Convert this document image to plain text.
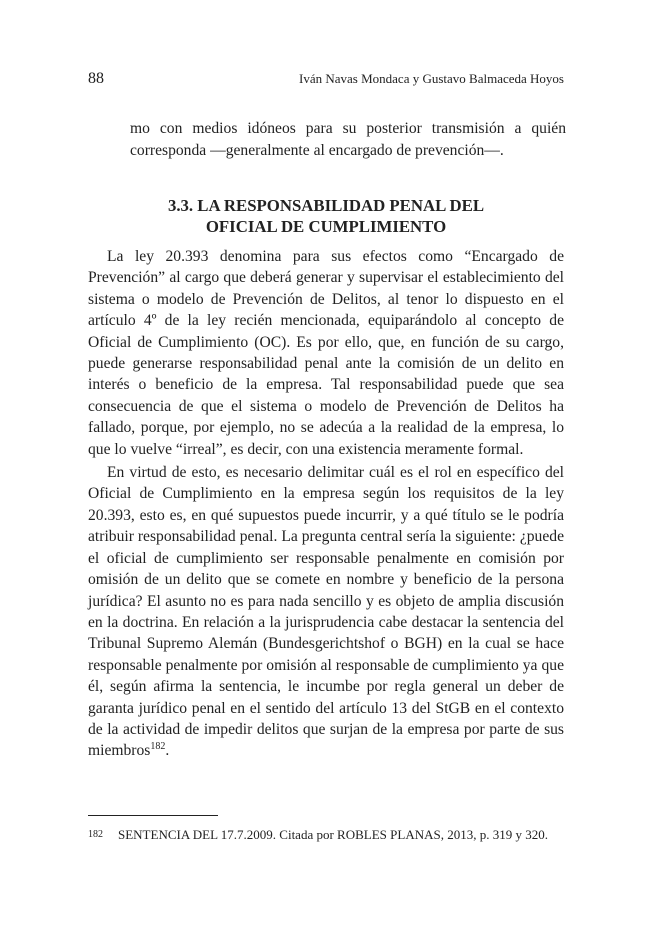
88	Iván Navas Mondaca y Gustavo Balmaceda Hoyos
mo con medios idóneos para su posterior transmisión a quién corresponda —generalmente al encargado de prevención—.
3.3. LA RESPONSABILIDAD PENAL DEL
OFICIAL DE CUMPLIMIENTO

La ley 20.393 denomina para sus efectos como “Encargado de Prevención” al cargo que deberá generar y supervisar el establecimiento del sistema o modelo de Prevención de Delitos, al tenor lo dispuesto en el artículo 4º de la ley recién mencionada, equiparándolo al concepto de Oficial de Cumplimiento (OC). Es por ello, que, en función de su cargo, puede generarse responsabilidad penal ante la comisión de un delito en interés o beneficio de la empresa. Tal responsabilidad puede que sea consecuencia de que el sistema o modelo de Prevención de Delitos ha fallado, porque, por ejemplo, no se adecúa a la realidad de la empresa, lo que lo vuelve “irreal”, es decir, con una existencia meramente formal.

En virtud de esto, es necesario delimitar cuál es el rol en específico del Oficial de Cumplimiento en la empresa según los requisitos de la ley 20.393, esto es, en qué supuestos puede incurrir, y a qué título se le podría atribuir responsabilidad penal. La pregunta central sería la siguiente: ¿puede el oficial de cumplimiento ser responsable penalmente en comisión por omisión de un delito que se comete en nombre y beneficio de la persona jurídica? El asunto no es para nada sencillo y es objeto de amplia discusión en la doctrina. En relación a la jurisprudencia cabe destacar la sentencia del Tribunal Supremo Alemán (Bundesgerichtshof o BGH) en la cual se hace responsable penalmente por omisión al responsable de cumplimiento ya que él, según afirma la sentencia, le incumbe por regla general un deber de garanta jurídico penal en el sentido del artículo 13 del StGB en el contexto de la actividad de impedir delitos que surjan de la empresa por parte de sus miembros$^{182}$.

182	SENTENCIA DEL 17.7.2009. Citada por ROBLES PLANAS, 2013, p. 319 y 320.
